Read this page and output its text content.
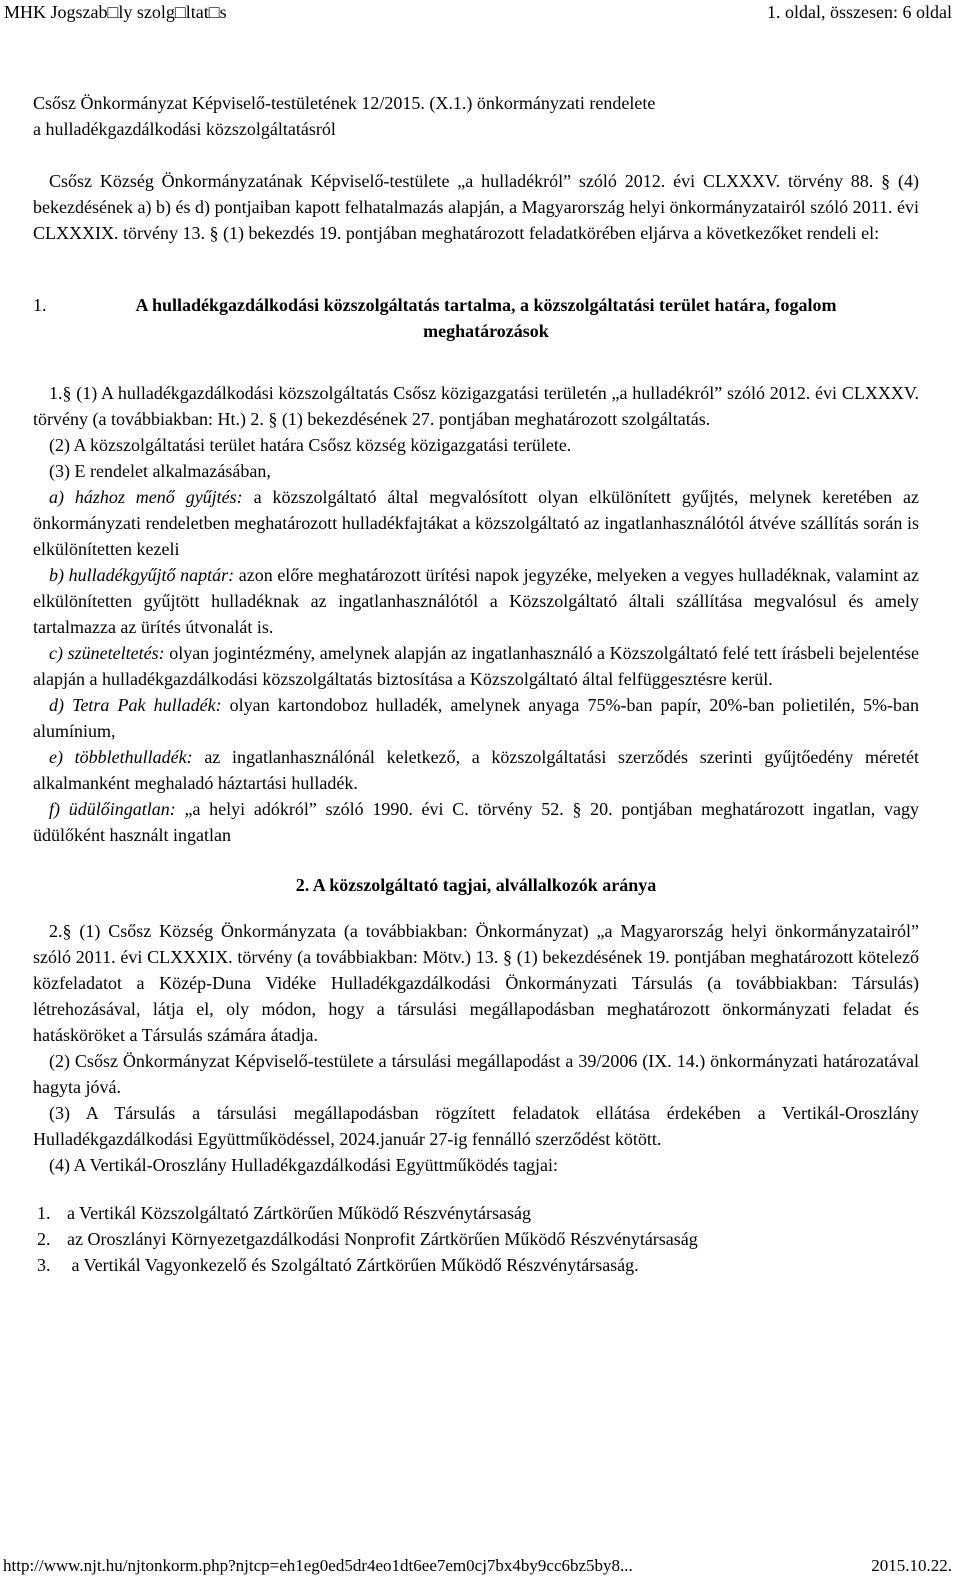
MHK Jogszab□ly szolg□ltat□s	1. oldal, összesen: 6 oldal

Csősz Önkormányzat Képviselő-testületének 12/2015. (X.1.) önkormányzati rendelete

a hulladékgazdálkodási közszolgáltatásról

Csősz Község Önkormányzatának Képviselő-testülete „a hulladékról” szóló 2012. évi CLXXXV. törvény 88. § (4) bekezdésének a) b) és d) pontjaiban kapott felhatalmazás alapján, a Magyarország helyi önkormányzatairól szóló 2011. évi CLXXXIX. törvény 13. § (1) bekezdés 19. pontjában meghatározott feladatkörében eljárva a következőket rendeli el:

1.	A hulladékgazdálkodási közszolgáltatás tartalma, a közszolgáltatási terület határa, fogalom meghatározások

1.§ (1) A hulladékgazdálkodási közszolgáltatás Csősz közigazgatási területén „a hulladékról” szóló 2012. évi CLXXXV. törvény (a továbbiakban: Ht.) 2. § (1) bekezdésének 27. pontjában meghatározott szolgáltatás.

(2) A közszolgáltatási terület határa Csősz község közigazgatási területe.

(3) E rendelet alkalmazásában,

a) házhoz menő gyűjtés: a közszolgáltató által megvalósított olyan elkülönített gyűjtés, melynek keretében az önkormányzati rendeletben meghatározott hulladékfajtákat a közszolgáltató az ingatlanhasználótól átvéve szállítás során is elkülönítetten kezeli

b) hulladékgyűjtő naptár: azon előre meghatározott ürítési napok jegyzéke, melyeken a vegyes hulladéknak, valamint az elkülönítetten gyűjtött hulladéknak az ingatlanhasználótól a Közszolgáltató általi szállítása megvalósul és amely tartalmazza az ürítés útvonalát is.

c) szüneteltetés: olyan jogintézmény, amelynek alapján az ingatlanhasználó a Közszolgáltató felé tett írásbeli bejelentése alapján a hulladékgazdálkodási közszolgáltatás biztosítása a Közszolgáltató által felfüggesztésre kerül.

d) Tetra Pak hulladék: olyan kartondoboz hulladék, amelynek anyaga 75%-ban papír, 20%-ban polietilén, 5%-ban alumínium,

e) többlethulladék: az ingatlanhasználónál keletkező, a közszolgáltatási szerződés szerinti gyűjtőedény méretét alkalmanként meghaladó háztartási hulladék.

f) üdülőingatlan: „a helyi adókról” szóló 1990. évi C. törvény 52. § 20. pontjában meghatározott ingatlan, vagy üdülőként használt ingatlan

2. A közszolgáltató tagjai, alvállalkozók aránya

2.§ (1) Csősz Község Önkormányzata (a továbbiakban: Önkormányzat) „a Magyarország helyi önkormányzatairól” szóló 2011. évi CLXXXIX. törvény (a továbbiakban: Mötv.) 13. § (1) bekezdésének 19. pontjában meghatározott kötelező közfeladatot a Közép-Duna Vidéke Hulladékgazdálkodási Önkormányzati Társulás (a továbbiakban: Társulás) létrehozásával, látja el, oly módon, hogy a társulási megállapodásban meghatározott önkormányzati feladat és hatásköröket a Társulás számára átadja.

(2) Csősz Önkormányzat Képviselő-testülete a társulási megállapodást a 39/2006 (IX. 14.) önkormányzati határozatával hagyta jóvá.

(3) A Társulás a társulási megállapodásban rögzített feladatok ellátása érdekében a Vertikál-Oroszlány Hulladékgazdálkodási Együttműködéssel, 2024.január 27-ig fennálló szerződést kötött.

(4) A Vertikál-Oroszlány Hulladékgazdálkodási Együttműködés tagjai:

1. a Vertikál Közszolgáltató Zártkörűen Működő Részvénytársaság
2. az Oroszlányi Környezetgazdálkodási Nonprofit Zártkörűen Működő Részvénytársaság
3. a Vertikál Vagyonkezelő és Szolgáltató Zártkörűen Működő Részvénytársaság.
http://www.njt.hu/njtonkorm.php?njtcp=eh1eg0ed5dr4eo1dt6ee7em0cj7bx4by9cc6bz5by8...	2015.10.22.
